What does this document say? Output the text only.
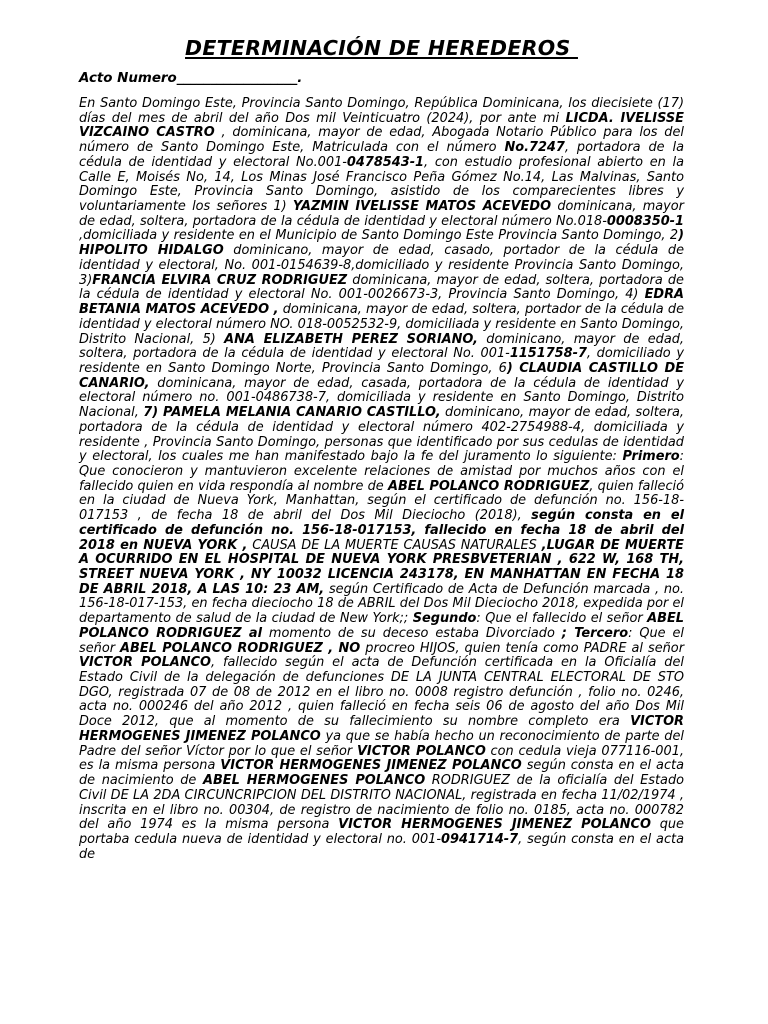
DETERMINACIÓN DE HEREDEROS
Acto Numero__________________.
En Santo Domingo Este, Provincia Santo Domingo, República Dominicana, los diecisiete (17) días del mes de abril del año Dos mil Veinticuatro (2024), por ante mi LICDA. IVELISSE VIZCAINO CASTRO , dominicana, mayor de edad, Abogada Notario Público para los del número de Santo Domingo Este, Matriculada con el número No.7247, portadora de la cédula de identidad y electoral No.001-0478543-1, con estudio profesional abierto en la Calle E, Moisés No, 14, Los Minas José Francisco Peña Gómez No.14, Las Malvinas, Santo Domingo Este, Provincia Santo Domingo, asistido de los comparecientes libres y voluntariamente los señores 1) YAZMIN IVELISSE MATOS ACEVEDO dominicana, mayor de edad, soltera, portadora de la cédula de identidad y electoral número No.018-0008350-1 ,domiciliada y residente en el Municipio de Santo Domingo Este Provincia Santo Domingo, 2) HIPOLITO HIDALGO dominicano, mayor de edad, casado, portador de la cédula de identidad y electoral, No. 001-0154639-8,domiciliado y residente Provincia Santo Domingo, 3)FRANCIA ELVIRA CRUZ RODRIGUEZ dominicana, mayor de edad, soltera, portadora de la cédula de identidad y electoral No. 001-0026673-3, Provincia Santo Domingo, 4) EDRA BETANIA MATOS ACEVEDO , dominicana, mayor de edad, soltera, portador de la cédula de identidad y electoral número NO. 018-0052532-9, domiciliada y residente en Santo Domingo, Distrito Nacional, 5) ANA ELIZABETH PEREZ SORIANO, dominicano, mayor de edad, soltera, portadora de la cédula de identidad y electoral No. 001-1151758-7, domiciliado y residente en Santo Domingo Norte, Provincia Santo Domingo, 6) CLAUDIA CASTILLO DE CANARIO, dominicana, mayor de edad, casada, portadora de la cédula de identidad y electoral número no. 001-0486738-7, domiciliada y residente en Santo Domingo, Distrito Nacional, 7) PAMELA MELANIA CANARIO CASTILLO, dominicano, mayor de edad, soltera, portadora de la cédula de identidad y electoral número 402-2754988-4, domiciliada y residente , Provincia Santo Domingo, personas que identificado por sus cedulas de identidad y electoral, los cuales me han manifestado bajo la fe del juramento lo siguiente: Primero: Que conocieron y mantuvieron excelente relaciones de amistad por muchos años con el fallecido quien en vida respondía al nombre de ABEL POLANCO RODRIGUEZ, quien falleció en la ciudad de Nueva York, Manhattan, según el certificado de defunción no. 156-18- 017153 , de fecha 18 de abril del Dos Mil Dieciocho (2018), según consta en el certificado de defunción no. 156-18-017153, fallecido en fecha 18 de abril del 2018 en NUEVA YORK , CAUSA DE LA MUERTE CAUSAS NATURALES ,LUGAR DE MUERTE A OCURRIDO EN EL HOSPITAL DE NUEVA YORK PRESBVETERIAN , 622 W, 168 TH, STREET NUEVA YORK , NY 10032 LICENCIA 243178, EN MANHATTAN EN FECHA 18 DE ABRIL 2018, A LAS 10: 23 AM, según Certificado de Acta de Defunción marcada , no. 156-18-017-153, en fecha dieciocho 18 de ABRIL del Dos Mil Dieciocho 2018, expedida por el departamento de salud de la ciudad de New York;; Segundo: Que el fallecido el señor ABEL POLANCO RODRIGUEZ al momento de su deceso estaba Divorciado ; Tercero: Que el señor ABEL POLANCO RODRIGUEZ , NO procreo HIJOS, quien tenía como PADRE al señor VICTOR POLANCO, fallecido según el acta de Defunción certificada en la Oficialía del Estado Civil de la delegación de defunciones DE LA JUNTA CENTRAL ELECTORAL DE STO DGO, registrada 07 de 08 de 2012 en el libro no. 0008 registro defunción , folio no. 0246, acta no. 000246 del año 2012 , quien falleció en fecha seis 06 de agosto del año Dos Mil Doce 2012, que al momento de su fallecimiento su nombre completo era VICTOR HERMOGENES JIMENEZ POLANCO ya que se había hecho un reconocimiento de parte del Padre del señor Víctor por lo que el señor VICTOR POLANCO con cedula vieja 077116-001, es la misma persona VICTOR HERMOGENES JIMENEZ POLANCO según consta en el acta de nacimiento de ABEL HERMOGENES POLANCO RODRIGUEZ de la oficialía del Estado Civil DE LA 2DA CIRCUNCRIPCION DEL DISTRITO NACIONAL, registrada en fecha 11/02/1974 , inscrita en el libro no. 00304, de registro de nacimiento de folio no. 0185, acta no. 000782 del año 1974 es la misma persona VICTOR HERMOGENES JIMENEZ POLANCO que portaba cedula nueva de identidad y electoral no. 001-0941714-7, según consta en el acta de
